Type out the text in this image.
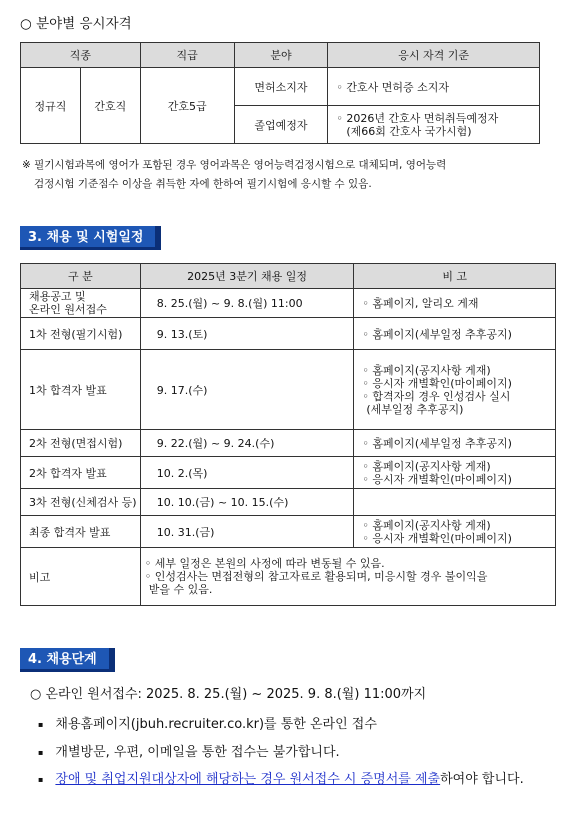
○ 분야별 응시자격
직종		직급	분야	응시 자격 기준
정규직	간호직	간호5급	면허소지자	◦ 간호사 면허증 소지자
			졸업예정자	◦ 2026년 간호사 면허취득예정자
(제66회 간호사 국가시험)
※ 필기시험과목에 영어가 포함된 경우 영어과목은 영어능력검정시험으로 대체되며, 영어능력
검정시험 기준점수 이상을 취득한 자에 한하여 필기시험에 응시할 수 있음.
3. 채용 및 시험일정
구 분	2025년 3분기 채용 일정	비 고

채용공고 및
온라인 원서접수	8. 25.(월) ~ 9. 8.(월) 11:00	◦ 홈페이지, 알리오 게재
1차 전형(필기시험)	9. 13.(토)	◦ 홈페이지(세부일정 추후공지)
1차 합격자 발표	9. 17.(수)	◦ 홈페이지(공지사항 게재)
◦ 응시자 개별확인(마이페이지)
◦ 합격자의 경우 인성검사 실시
(세부일정 추후공지)

2차 전형(면접시험)	9. 22.(월) ~ 9. 24.(수)	◦ 홈페이지(세부일정 추후공지)
2차 합격자 발표	10. 2.(목)	◦ 홈페이지(공지사항 게재)
◦ 응시자 개별확인(마이페이지)

3차 전형(신체검사 등)	10. 10.(금) ~ 10. 15.(수)	
최종 합격자 발표	10. 31.(금)	◦ 홈페이지(공지사항 게재)
◦ 응시자 개별확인(마이페이지)

비고	◦ 세부 일정은 본원의 사정에 따라 변동될 수 있음.
◦ 인성검사는 면접전형의 참고자료로 활용되며, 미응시할 경우 불이익을
받을 수 있음.	
4. 채용단계
○ 온라인 원서접수: 2025. 8. 25.(월) ~ 2025. 9. 8.(월) 11:00까지
▪ 채용홈페이지(jbuh.recruiter.co.kr)를 통한 온라인 접수
▪ 개별방문, 우편, 이메일을 통한 접수는 불가합니다.
▪ 장애 및 취업지원대상자에 해당하는 경우 원서접수 시 증명서를 제출하여야 합니다.
